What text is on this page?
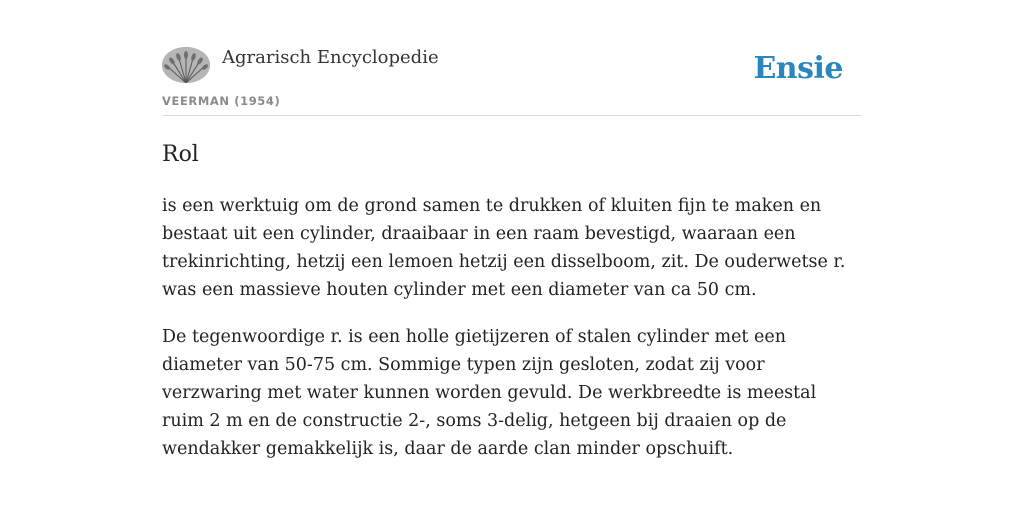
Agrarisch Encyclopedie
VEERMAN (1954)
Ensie
Rol

is een werktuig om de grond samen te drukken of kluiten fijn te maken en bestaat uit een cylinder, draaibaar in een raam bevestigd, waaraan een trekinrichting, hetzij een lemoen hetzij een disselboom, zit. De ouderwetse r. was een massieve houten cylinder met een diameter van ca 50 cm.

De tegenwoordige r. is een holle gietijzeren of stalen cylinder met een diameter van 50-75 cm. Sommige typen zijn gesloten, zodat zij voor verzwaring met water kunnen worden gevuld. De werkbreedte is meestal ruim 2 m en de constructie 2-, soms 3-delig, hetgeen bij draaien op de wendakker gemakkelijk is, daar de aarde clan minder opschuift.
